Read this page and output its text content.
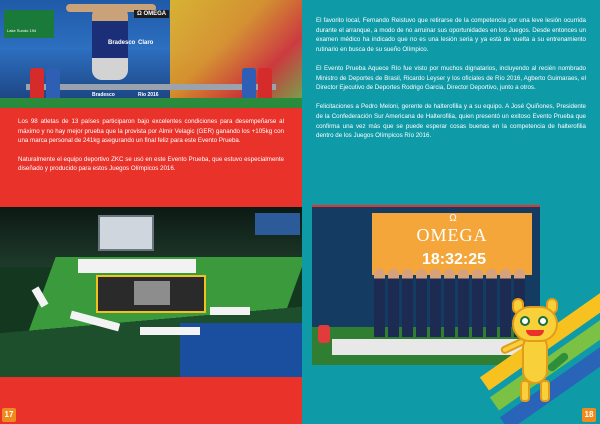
Lake Sundo 194
Ω OMEGA
Bradesco Claro
Bradesco	Rio 2016

Los 98 atletas de 13 países participaron bajo excelentes condiciones para desempeñarse al máximo y no hay mejor prueba que la provista por Almir Velagic (GER) ganando los +105kg con una marca personal de 241kg asegurando un final feliz para este Evento Prueba.

Naturalmente el equipo deportivo ZKC se usó en este Evento Prueba, que estuvo especialmente diseñado y producido para estos Juegos Olímpicos 2016.

17

El favorito local, Fernando Reistuvo que retirarse de la competencia por una leve lesión ocurrida durante el arranque, a modo de no arruinar sus oportunidades en los Juegos. Desde entonces un examen médico ha indicado que no es una lesión seria y ya está de vuelta a su entrenamiento rutinario en busca de su sueño Olímpico.

El Evento Prueba Aquece Río fue visto por muchos dignatarios, incluyendo al recién nombrado Ministro de Deportes de Brasil, Ricardo Leyser y los oficiales de Río 2016, Agberto Guimaraes, el Director Ejecutivo de Deportes Rodrigo Garcia, Director Deportivo, junto a otros.

Felicitaciones a Pedro Meloni, gerente de halterofilia y a su equipo. A José Quiñones, Presidente de la Confederación Sur Americana de Halterofilia, quien presentó un exitoso Evento Prueba que confirma una vez más que se puede esperar cosas buenas en la competencia de halterofilia dentro de los Juegos Olímpicos Río 2016.

Ω
OMEGA
18:32:25
18
